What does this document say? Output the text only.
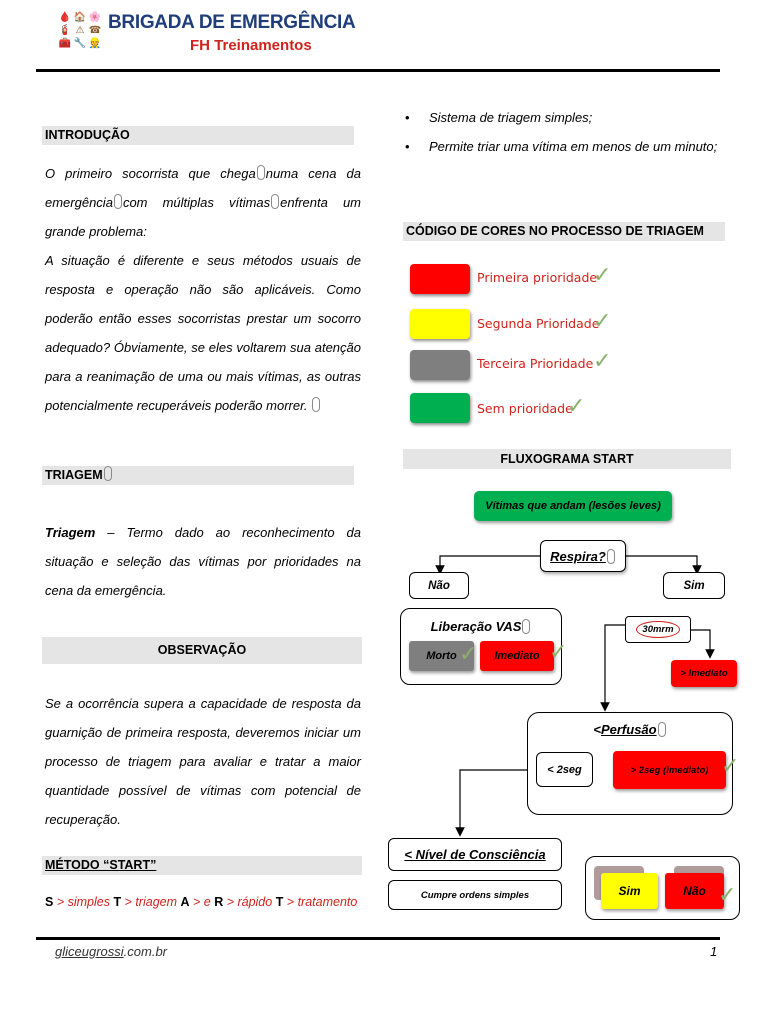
🩸 🏠 🌸
🧯 ⚠ ☎
🧰 🔧 👷
BRIGADA DE EMERGÊNCIA
FH Treinamentos
INTRODUÇÃO
O primeiro socorrista que chega numa cena da emergência com múltiplas vítimas enfrenta um grande problema:
A situação é diferente e seus métodos usuais de resposta e operação não são aplicáveis. Como poderão então esses socorristas prestar um socorro adequado? Óbviamente, se eles voltarem sua atenção para a reanimação de uma ou mais vítimas, as outras potencialmente recuperáveis poderão morrer.
TRIAGEM
Triagem – Termo dado ao reconhecimento da situação e seleção das vítimas por prioridades na cena da emergência.
OBSERVAÇÃO
Se a ocorrência supera a capacidade de resposta da guarnição de primeira resposta, deveremos iniciar um processo de triagem para avaliar e tratar a maior quantidade possível de vítimas com potencial de recuperação.
MÉTODO “START”
S > simples T > triagem A > e R > rápido T > tratamento
•	Sistema de triagem simples;
•	Permite triar uma vítima em menos de um minuto;
CÓDIGO DE CORES NO PROCESSO DE TRIAGEM
Primeira prioridade
✓
Segunda Prioridade
✓
Terceira Prioridade ✓
Sem prioridade
✓
FLUXOGRAMA START
Vítimas que andam (lesões leves)
Respira?
Não	Sim
Liberação VAS
Morto ✓	Imediato ✓
30mrm
> Imediato
< Perfusão
< 2seg	> 2seg (imediato) ✓
< Nível de Consciência
Cumpre ordens simples	Sim	Não ✓
gliceugrossi.com.br	1
